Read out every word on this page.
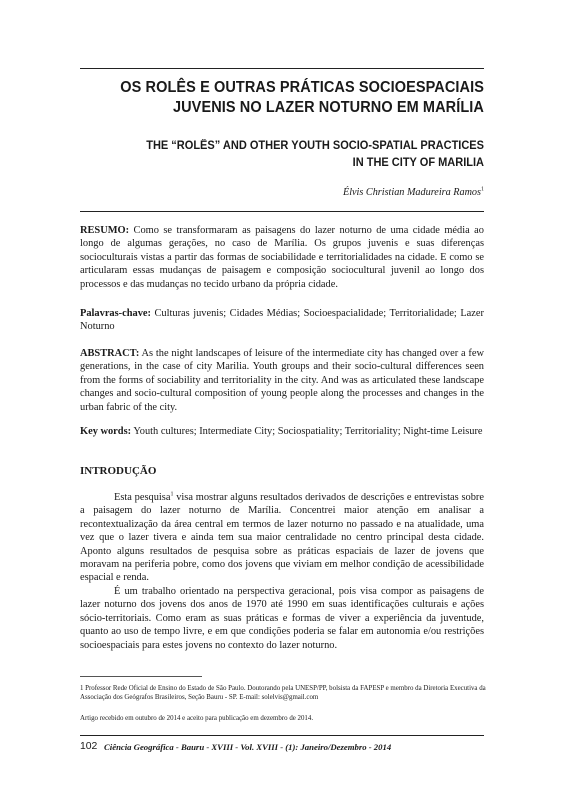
OS ROLÊS E OUTRAS PRÁTICAS SOCIOESPACIAIS
JUVENIS NO LAZER NOTURNO EM MARÍLIA
THE “ROLÊS” AND OTHER YOUTH SOCIO-SPATIAL PRACTICES
IN THE CITY OF MARILIA
Élvis Christian Madureira Ramos$^1$

RESUMO: Como se transformaram as paisagens do lazer noturno de uma cidade média ao longo de algumas gerações, no caso de Marília. Os grupos juvenis e suas diferenças socioculturais vistas a partir das formas de sociabilidade e territorialidades na cidade. E como se articularam essas mudanças de paisagem e composição sociocultural juvenil ao longo dos processos e das mudanças no tecido urbano da própria cidade.

Palavras-chave: Culturas juvenis; Cidades Médias; Socioespacialidade; Territorialidade; Lazer Noturno

ABSTRACT: As the night landscapes of leisure of the intermediate city has changed over a few generations, in the case of city Marilia. Youth groups and their socio-cultural differences seen from the forms of sociability and territoriality in the city. And was as articulated these landscape changes and socio-cultural composition of young people along the processes and changes in the urban fabric of the city.

Key words: Youth cultures; Intermediate City; Sociospatiality; Territoriality; Night-time Leisure

INTRODUÇÃO

Esta pesquisa$^1$ visa mostrar alguns resultados derivados de descrições e entrevistas sobre a paisagem do lazer noturno de Marília. Concentrei maior atenção em analisar a recontextualização da área central em termos de lazer noturno no passado e na atualidade, uma vez que o lazer tivera e ainda tem sua maior centralidade no centro principal desta cidade. Aponto alguns resultados de pesquisa sobre as práticas espaciais de lazer de jovens que moravam na periferia pobre, como dos jovens que viviam em melhor condição de acessibilidade espacial e renda.

É um trabalho orientado na perspectiva geracional, pois visa compor as paisagens de lazer noturno dos jovens dos anos de 1970 até 1990 em suas identificações culturais e ações sócio-territoriais. Como eram as suas práticas e formas de viver a experiência da juventude, quanto ao uso de tempo livre, e em que condições poderia se falar em autonomia e/ou restrições socioespaciais para estes jovens no contexto do lazer noturno.

1 Professor Rede Oficial de Ensino do Estado de São Paulo. Doutorando pela UNESP/PP, bolsista da FAPESP e membro da Diretoria Executiva da Associação dos Geógrafos Brasileiros, Seção Bauru - SP. E-mail: solelvis@gmail.com

Artigo recebido em outubro de 2014 e aceito para publicação em dezembro de 2014.

102 Ciência Geográfica - Bauru - XVIII - Vol. XVIII - (1): Janeiro/Dezembro - 2014
